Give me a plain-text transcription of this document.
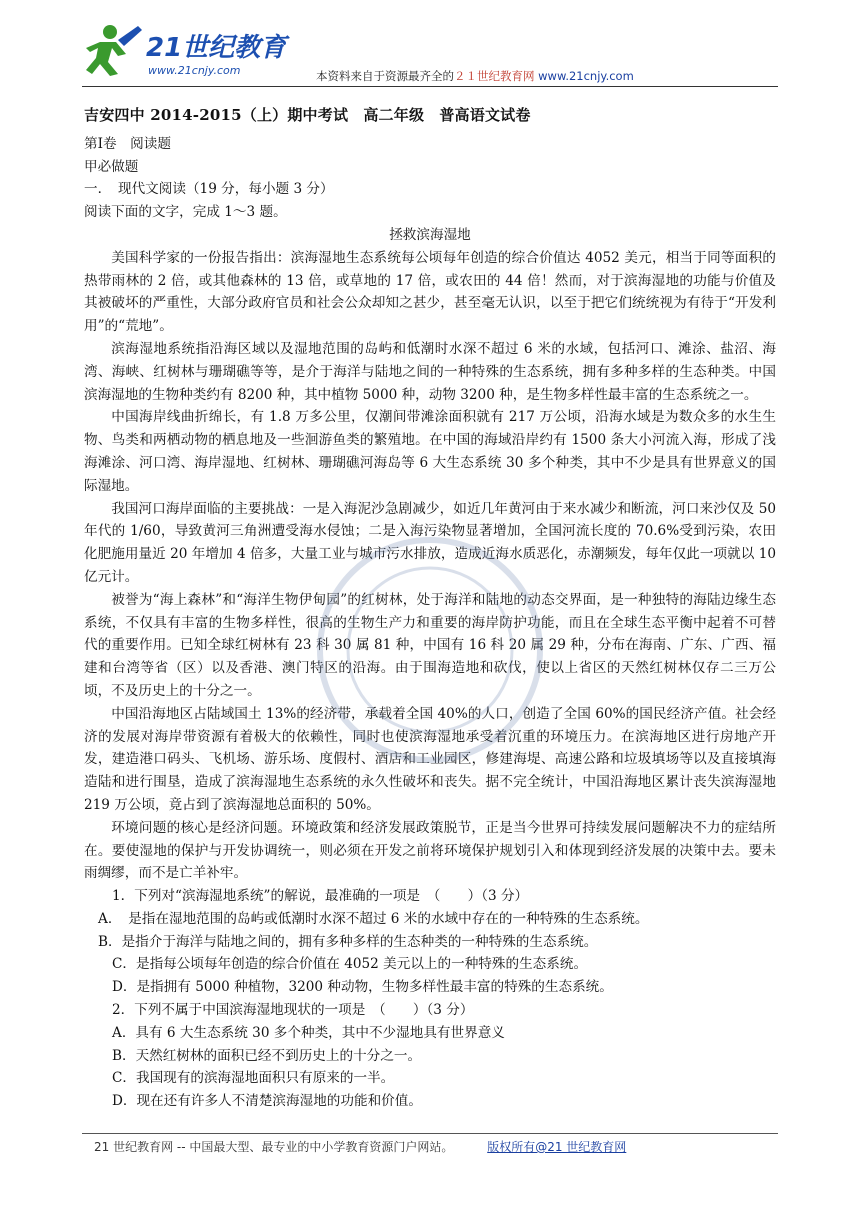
21世纪教育
www.21cnjy.com	本资料来自于资源最齐全的２１世纪教育网 www.21cnjy.com
吉安四中 2014-2015（上）期中考试　高二年级　普高语文试卷
第Ⅰ卷　阅读题
甲必做题
一．　现代文阅读（19 分，每小题 3 分）
阅读下面的文字，完成 1～3 题。
拯救滨海湿地

美国科学家的一份报告指出：滨海湿地生态系统每公顷每年创造的综合价值达 4052 美元，相当于同等面积的热带雨林的 2 倍，或其他森林的 13 倍，或草地的 17 倍，或农田的 44 倍！然而，对于滨海湿地的功能与价值及其被破坏的严重性，大部分政府官员和社会公众却知之甚少，甚至毫无认识，以至于把它们统统视为有待于“开发利用”的“荒地”。

滨海湿地系统指沿海区域以及湿地范围的岛屿和低潮时水深不超过 6 米的水域，包括河口、滩涂、盐沼、海湾、海峡、红树林与珊瑚礁等等，是介于海洋与陆地之间的一种特殊的生态系统，拥有多种多样的生态种类。中国滨海湿地的生物种类约有 8200 种，其中植物 5000 种，动物 3200 种，是生物多样性最丰富的生态系统之一。

中国海岸线曲折绵长，有 1.8 万多公里，仅潮间带滩涂面积就有 217 万公顷，沿海水域是为数众多的水生生物、鸟类和两栖动物的栖息地及一些洄游鱼类的繁殖地。在中国的海域沿岸约有 1500 条大小河流入海，形成了浅海滩涂、河口湾、海岸湿地、红树林、珊瑚礁河海岛等 6 大生态系统 30 多个种类，其中不少是具有世界意义的国际湿地。

我国河口海岸面临的主要挑战：一是入海泥沙急剧减少，如近几年黄河由于来水减少和断流，河口来沙仅及 50 年代的 1/60，导致黄河三角洲遭受海水侵蚀；二是入海污染物显著增加，全国河流长度的 70.6%受到污染，农田化肥施用量近 20 年增加 4 倍多，大量工业与城市污水排放，造成近海水质恶化，赤潮频发，每年仅此一项就以 10 亿元计。

被誉为“海上森林”和“海洋生物伊甸园”的红树林，处于海洋和陆地的动态交界面，是一种独特的海陆边缘生态系统，不仅具有丰富的生物多样性，很高的生物生产力和重要的海岸防护功能，而且在全球生态平衡中起着不可替代的重要作用。已知全球红树林有 23 科 30 属 81 种，中国有 16 科 20 属 29 种，分布在海南、广东、广西、福建和台湾等省（区）以及香港、澳门特区的沿海。由于围海造地和砍伐，使以上省区的天然红树林仅存二三万公顷，不及历史上的十分之一。

中国沿海地区占陆域国土 13%的经济带，承载着全国 40%的人口，创造了全国 60%的国民经济产值。社会经济的发展对海岸带资源有着极大的依赖性，同时也使滨海湿地承受着沉重的环境压力。在滨海地区进行房地产开发，建造港口码头、飞机场、游乐场、度假村、酒店和工业园区，修建海堤、高速公路和垃圾填场等以及直接填海造陆和进行围垦，造成了滨海湿地生态系统的永久性破坏和丧失。据不完全统计，中国沿海地区累计丧失滨海湿地 219 万公顷，竟占到了滨海湿地总面积的 50%。

环境问题的核心是经济问题。环境政策和经济发展政策脱节，正是当今世界可持续发展问题解决不力的症结所在。要使湿地的保护与开发协调统一，则必须在开发之前将环境保护规划引入和体现到经济发展的决策中去。要未雨绸缪，而不是亡羊补牢。

1．下列对“滨海湿地系统”的解说，最准确的一项是　（　　）（3 分）

A．　是指在湿地范围的岛屿或低潮时水深不超过 6 米的水域中存在的一种特殊的生态系统。

B．是指介于海洋与陆地之间的，拥有多种多样的生态种类的一种特殊的生态系统。

C．是指每公顷每年创造的综合价值在 4052 美元以上的一种特殊的生态系统。

D．是指拥有 5000 种植物，3200 种动物，生物多样性最丰富的特殊的生态系统。

2．下列不属于中国滨海湿地现状的一项是　（　　）（3 分）

A．具有 6 大生态系统 30 多个种类，其中不少湿地具有世界意义

B．天然红树林的面积已经不到历史上的十分之一。

C．我国现有的滨海湿地面积只有原来的一半。

D．现在还有许多人不清楚滨海湿地的功能和价值。

21 世纪教育网 -- 中国最大型、最专业的中小学教育资源门户网站。	版权所有@21 世纪教育网
